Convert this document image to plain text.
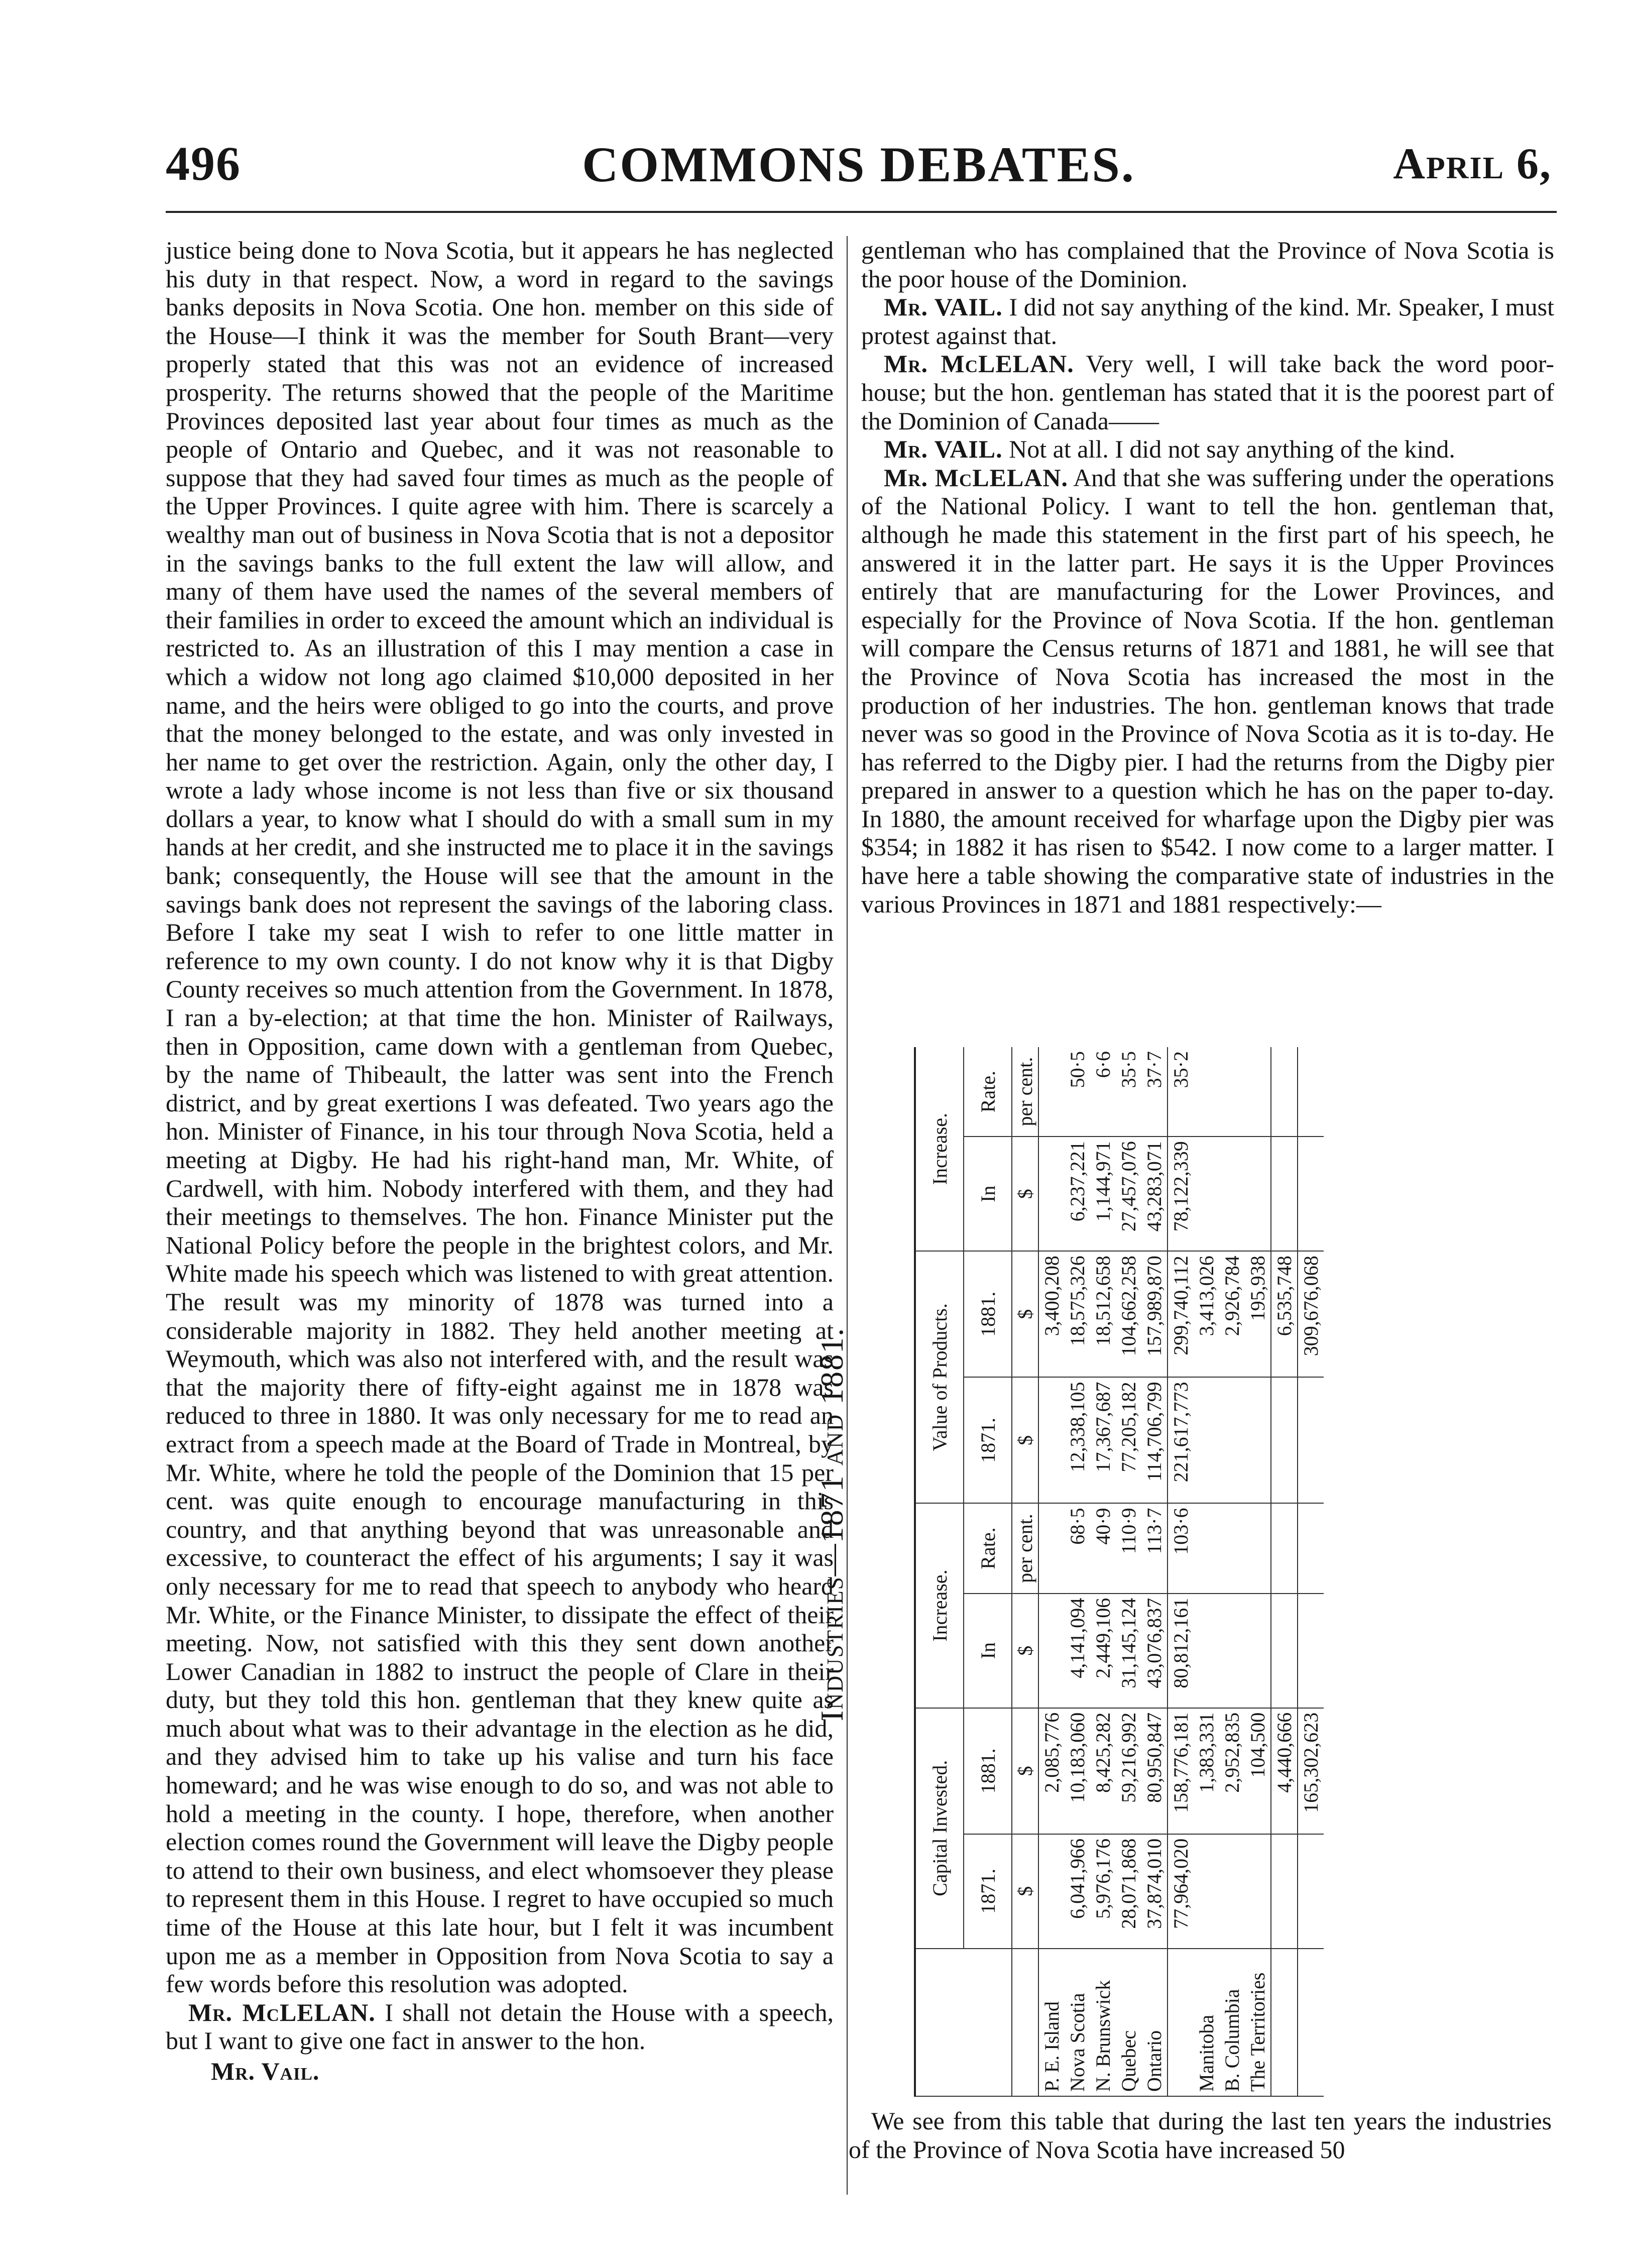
496	COMMONS DEBATES.	April 6,

justice being done to Nova Scotia, but it appears he has neglected his duty in that respect. Now, a word in regard to the savings banks deposits in Nova Scotia. One hon. member on this side of the House—I think it was the member for South Brant—very properly stated that this was not an evidence of increased prosperity. The returns showed that the people of the Maritime Provinces deposited last year about four times as much as the people of Ontario and Quebec, and it was not reasonable to suppose that they had saved four times as much as the people of the Upper Provinces. I quite agree with him. There is scarcely a wealthy man out of business in Nova Scotia that is not a depositor in the savings banks to the full extent the law will allow, and many of them have used the names of the several members of their families in order to exceed the amount which an individual is restricted to. As an illustration of this I may mention a case in which a widow not long ago claimed $10,000 deposited in her name, and the heirs were obliged to go into the courts, and prove that the money belonged to the estate, and was only invested in her name to get over the restriction. Again, only the other day, I wrote a lady whose income is not less than five or six thousand dollars a year, to know what I should do with a small sum in my hands at her credit, and she instructed me to place it in the savings bank; consequently, the House will see that the amount in the savings bank does not represent the savings of the laboring class. Before I take my seat I wish to refer to one little matter in reference to my own county. I do not know why it is that Digby County receives so much attention from the Government. In 1878, I ran a by-election; at that time the hon. Minister of Railways, then in Opposition, came down with a gentleman from Quebec, by the name of Thibeault, the latter was sent into the French district, and by great exertions I was defeated. Two years ago the hon. Minister of Finance, in his tour through Nova Scotia, held a meeting at Digby. He had his right-hand man, Mr. White, of Cardwell, with him. Nobody interfered with them, and they had their meetings to themselves. The hon. Finance Minister put the National Policy before the people in the brightest colors, and Mr. White made his speech which was listened to with great attention. The result was my minority of 1878 was turned into a considerable majority in 1882. They held another meeting at Weymouth, which was also not interfered with, and the result was that the majority there of fifty-eight against me in 1878 was reduced to three in 1880. It was only necessary for me to read an extract from a speech made at the Board of Trade in Montreal, by Mr. White, where he told the people of the Dominion that 15 per cent. was quite enough to encourage manufacturing in this country, and that anything beyond that was unreasonable and excessive, to counteract the effect of his arguments; I say it was only necessary for me to read that speech to anybody who heard Mr. White, or the Finance Minister, to dissipate the effect of their meeting. Now, not satisfied with this they sent down another Lower Canadian in 1882 to instruct the people of Clare in their duty, but they told this hon. gentleman that they knew quite as much about what was to their advantage in the election as he did, and they advised him to take up his valise and turn his face homeward; and he was wise enough to do so, and was not able to hold a meeting in the county. I hope, therefore, when another election comes round the Government will leave the Digby people to attend to their own business, and elect whomsoever they please to represent them in this House. I regret to have occupied so much time of the House at this late hour, but I felt it was incumbent upon me as a member in Opposition from Nova Scotia to say a few words before this resolution was adopted.

Mr. McLELAN. I shall not detain the House with a speech, but I want to give one fact in answer to the hon.

Mr. Vail.

gentleman who has complained that the Province of Nova Scotia is the poor house of the Dominion.

Mr. VAIL. I did not say anything of the kind. Mr. Speaker, I must protest against that.

Mr. McLELAN. Very well, I will take back the word poor-house; but the hon. gentleman has stated that it is the poorest part of the Dominion of Canada——

Mr. VAIL. Not at all. I did not say anything of the kind.

Mr. McLELAN. And that she was suffering under the operations of the National Policy. I want to tell the hon. gentleman that, although he made this statement in the first part of his speech, he answered it in the latter part. He says it is the Upper Provinces entirely that are manufacturing for the Lower Provinces, and especially for the Province of Nova Scotia. If the hon. gentleman will compare the Census returns of 1871 and 1881, he will see that the Province of Nova Scotia has increased the most in the production of her industries. The hon. gentleman knows that trade never was so good in the Province of Nova Scotia as it is to-day. He has referred to the Digby pier. I had the returns from the Digby pier prepared in answer to a question which he has on the paper to-day. In 1880, the amount received for wharfage upon the Digby pier was $354; in 1882 it has risen to $542. I now come to a larger matter. I have here a table showing the comparative state of industries in the various Provinces in 1871 and 1881 respectively:—

Industries—1871 and 1881.
	Capital Invested.		Increase.		Value of Products.		Increase.	
	1871.	1881.	In	Rate.	1871.	1881.	In	Rate.
	$	$	$	per cent.	$	$	$	per cent.
P. E. Island		2,085,776				3,400,208		
Nova Scotia	6,041,966	10,183,060	4,141,094	68·5	12,338,105	18,575,326	6,237,221	50·5
N. Brunswick	5,976,176	8,425,282	2,449,106	40·9	17,367,687	18,512,658	1,144,971	6·6
Quebec	28,071,868	59,216,992	31,145,124	110·9	77,205,182	104,662,258	27,457,076	35·5
Ontario	37,874,010	80,950,847	43,076,837	113·7	114,706,799	157,989,870	43,283,071	37·7
	77,964,020	158,776,181	80,812,161	103·6	221,617,773	299,740,112	78,122,339	35·2
Manitoba		1,383,331				3,413,026		
B. Columbia		2,952,835				2,926,784		
The Territories		104,500				195,938		
		4,440,666				6,535,748		
		165,302,623				309,676,068		

We see from this table that during the last ten years the industries of the Province of Nova Scotia have increased 50
